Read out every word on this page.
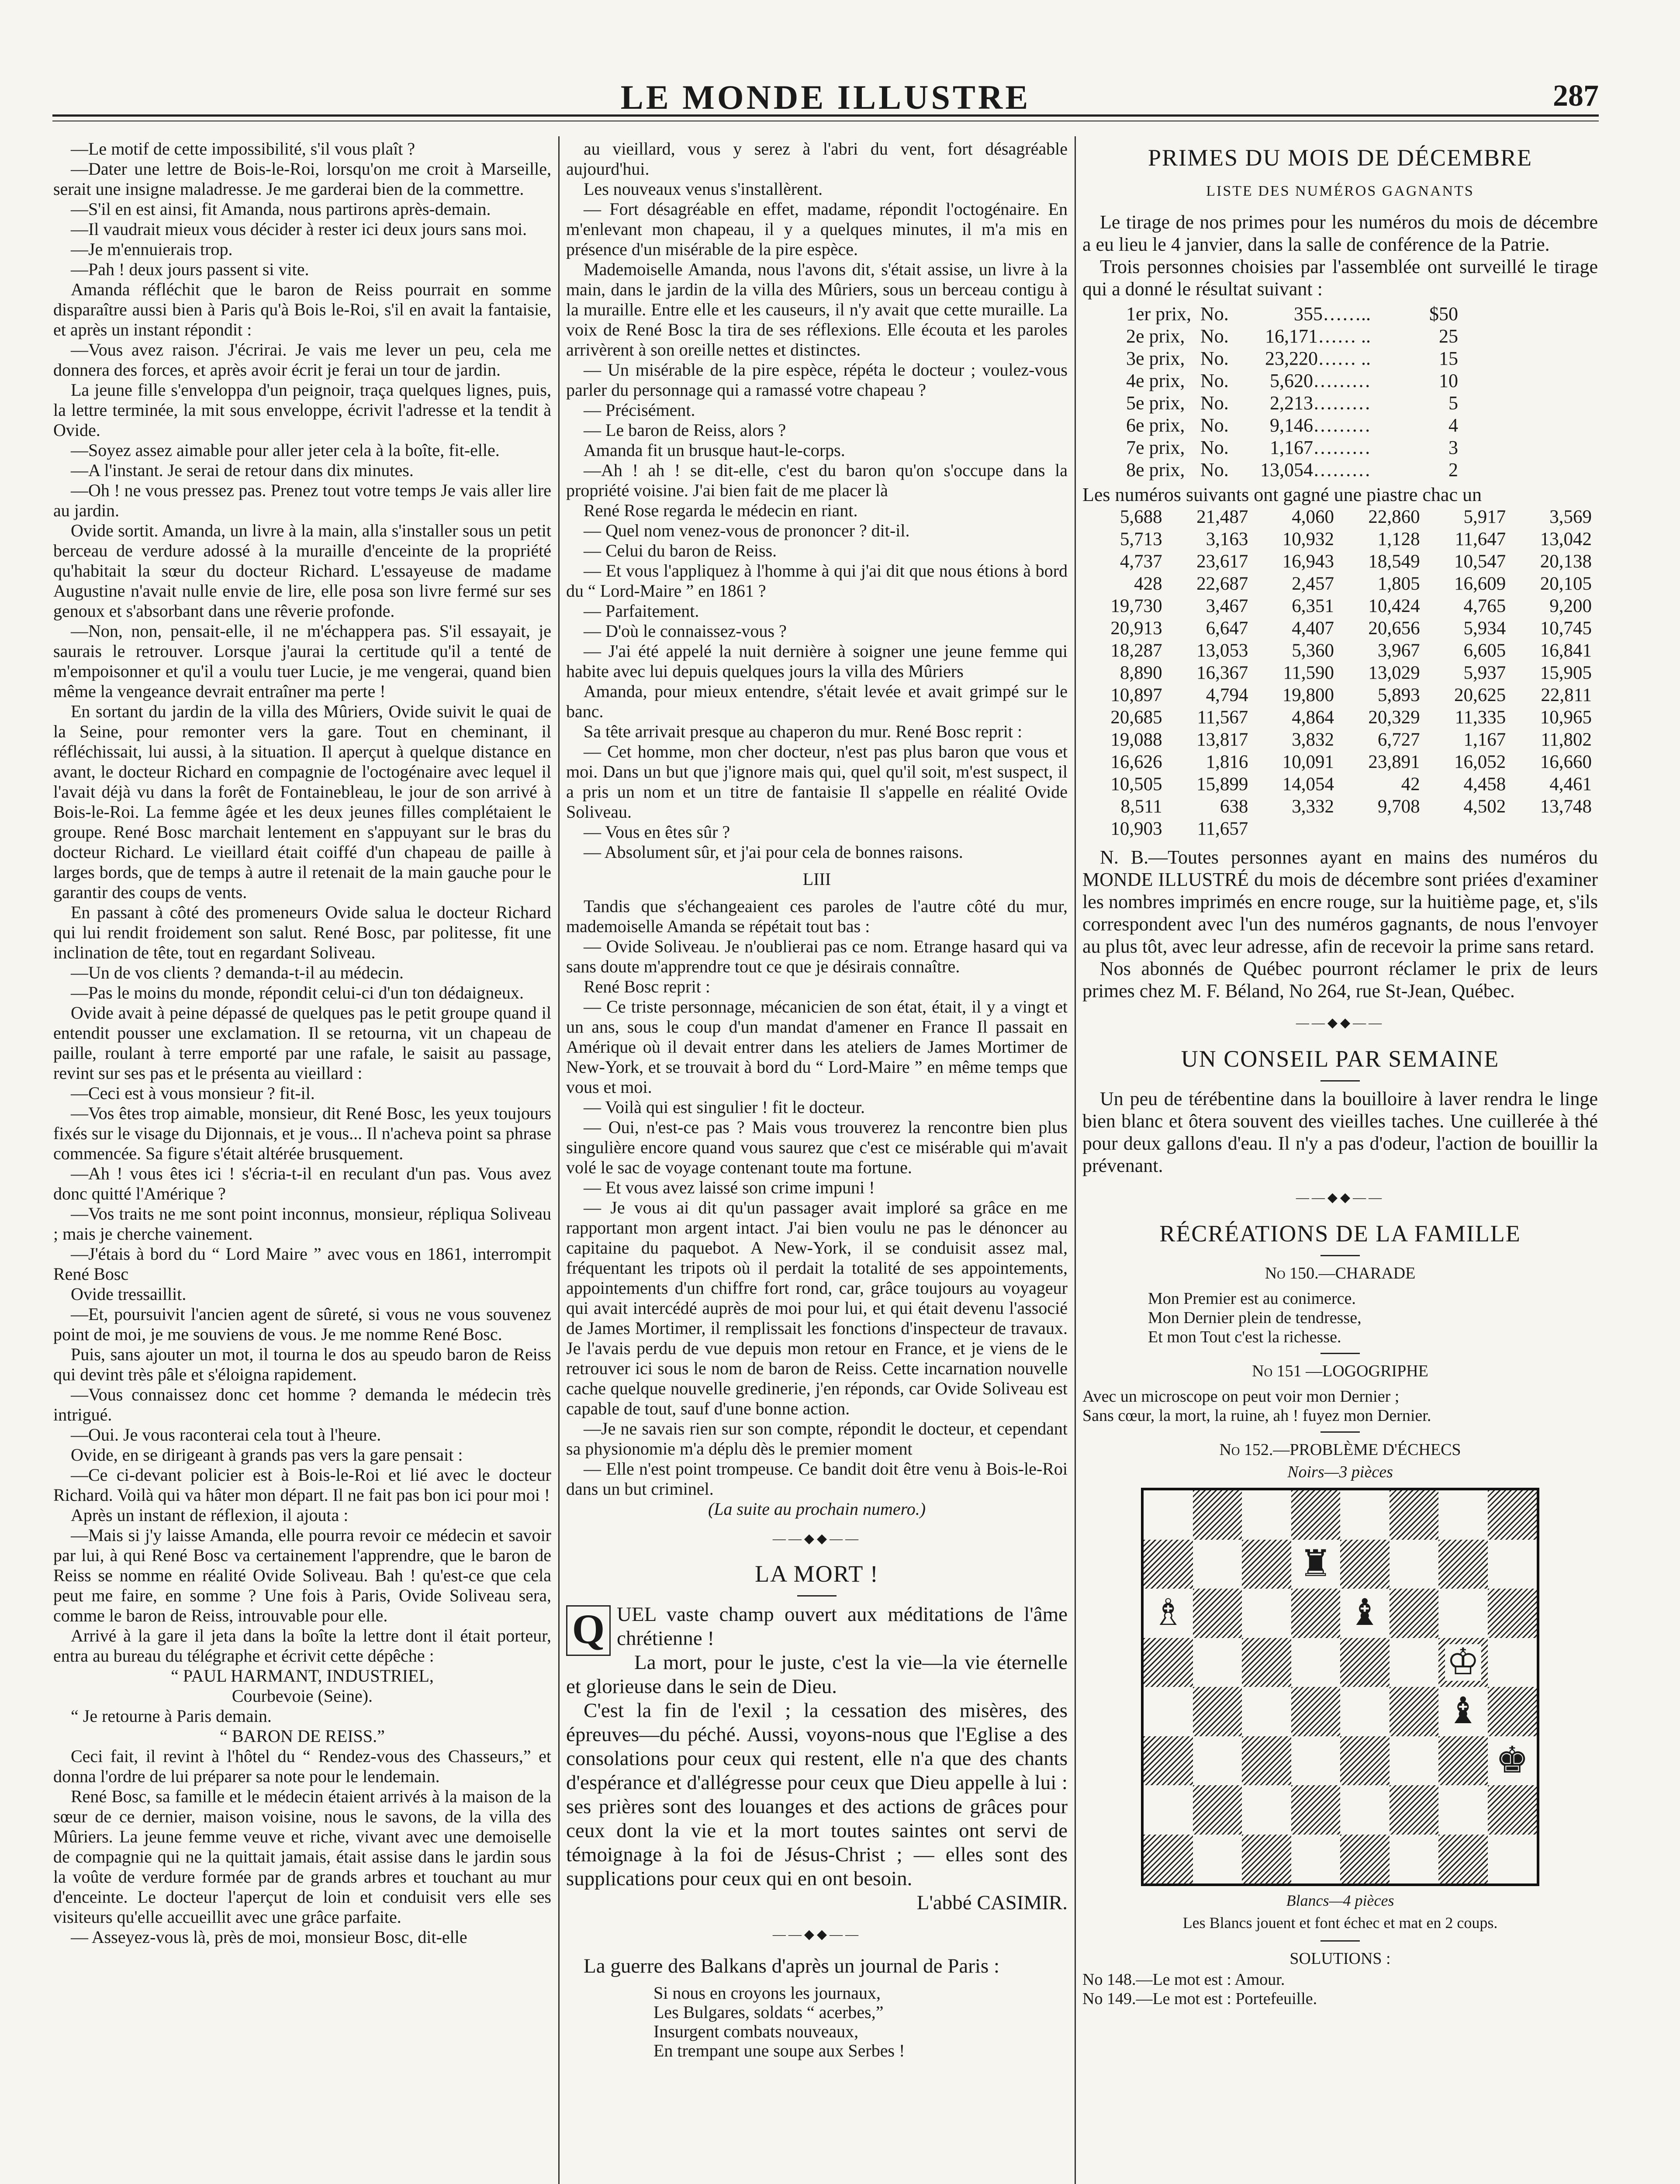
LE MONDE ILLUSTRE	287

—Le motif de cette impossibilité, s'il vous plaît ?

—Dater une lettre de Bois-le-Roi, lorsqu'on me croit à Marseille, serait une insigne maladresse. Je me garderai bien de la commettre.

—S'il en est ainsi, fit Amanda, nous partirons après-demain.

—Il vaudrait mieux vous décider à rester ici deux jours sans moi.

—Je m'ennuierais trop.

—Pah ! deux jours passent si vite.

Amanda réfléchit que le baron de Reiss pourrait en somme disparaître aussi bien à Paris qu'à Bois le-Roi, s'il en avait la fantaisie, et après un instant répondit :

—Vous avez raison. J'écrirai. Je vais me lever un peu, cela me donnera des forces, et après avoir écrit je ferai un tour de jardin.

La jeune fille s'enveloppa d'un peignoir, traça quelques lignes, puis, la lettre terminée, la mit sous enveloppe, écrivit l'adresse et la tendit à Ovide.

—Soyez assez aimable pour aller jeter cela à la boîte, fit-elle.

—A l'instant. Je serai de retour dans dix minutes.

—Oh ! ne vous pressez pas. Prenez tout votre temps Je vais aller lire au jardin.

Ovide sortit. Amanda, un livre à la main, alla s'installer sous un petit berceau de verdure adossé à la muraille d'enceinte de la propriété qu'habitait la sœur du docteur Richard. L'essayeuse de madame Augustine n'avait nulle envie de lire, elle posa son livre fermé sur ses genoux et s'absorbant dans une rêverie profonde.

—Non, non, pensait-elle, il ne m'échappera pas. S'il essayait, je saurais le retrouver. Lorsque j'aurai la certitude qu'il a tenté de m'empoisonner et qu'il a voulu tuer Lucie, je me vengerai, quand bien même la vengeance devrait entraîner ma perte !

En sortant du jardin de la villa des Mûriers, Ovide suivit le quai de la Seine, pour remonter vers la gare. Tout en cheminant, il réfléchissait, lui aussi, à la situation. Il aperçut à quelque distance en avant, le docteur Richard en compagnie de l'octogénaire avec lequel il l'avait déjà vu dans la forêt de Fontainebleau, le jour de son arrivé à Bois-le-Roi. La femme âgée et les deux jeunes filles complétaient le groupe. René Bosc marchait lentement en s'appuyant sur le bras du docteur Richard. Le vieillard était coiffé d'un chapeau de paille à larges bords, que de temps à autre il retenait de la main gauche pour le garantir des coups de vents.

En passant à côté des promeneurs Ovide salua le docteur Richard qui lui rendit froidement son salut. René Bosc, par politesse, fit une inclination de tête, tout en regardant Soliveau.

—Un de vos clients ? demanda-t-il au médecin.

—Pas le moins du monde, répondit celui-ci d'un ton dédaigneux.

Ovide avait à peine dépassé de quelques pas le petit groupe quand il entendit pousser une exclamation. Il se retourna, vit un chapeau de paille, roulant à terre emporté par une rafale, le saisit au passage, revint sur ses pas et le présenta au vieillard :

—Ceci est à vous monsieur ? fit-il.

—Vos êtes trop aimable, monsieur, dit René Bosc, les yeux toujours fixés sur le visage du Dijonnais, et je vous... Il n'acheva point sa phrase commencée. Sa figure s'était altérée brusquement.

—Ah ! vous êtes ici ! s'écria-t-il en reculant d'un pas. Vous avez donc quitté l'Amérique ?

—Vos traits ne me sont point inconnus, monsieur, répliqua Soliveau ; mais je cherche vainement.

—J'étais à bord du “ Lord Maire ” avec vous en 1861, interrompit René Bosc

Ovide tressaillit.

—Et, poursuivit l'ancien agent de sûreté, si vous ne vous souvenez point de moi, je me souviens de vous. Je me nomme René Bosc.

Puis, sans ajouter un mot, il tourna le dos au speudo baron de Reiss qui devint très pâle et s'éloigna rapidement.

—Vous connaissez donc cet homme ? demanda le médecin très intrigué.

—Oui. Je vous raconterai cela tout à l'heure.

Ovide, en se dirigeant à grands pas vers la gare pensait :

—Ce ci-devant policier est à Bois-le-Roi et lié avec le docteur Richard. Voilà qui va hâter mon départ. Il ne fait pas bon ici pour moi !

Après un instant de réflexion, il ajouta :

—Mais si j'y laisse Amanda, elle pourra revoir ce médecin et savoir par lui, à qui René Bosc va certainement l'apprendre, que le baron de Reiss se nomme en réalité Ovide Soliveau. Bah ! qu'est-ce que cela peut me faire, en somme ? Une fois à Paris, Ovide Soliveau sera, comme le baron de Reiss, introuvable pour elle.

Arrivé à la gare il jeta dans la boîte la lettre dont il était porteur, entra au bureau du télégraphe et écrivit cette dépêche :

“ PAUL HARMANT, INDUSTRIEL,

Courbevoie (Seine).

“ Je retourne à Paris demain.

“ BARON DE REISS.”

Ceci fait, il revint à l'hôtel du “ Rendez-vous des Chasseurs,” et donna l'ordre de lui préparer sa note pour le lendemain.

René Bosc, sa famille et le médecin étaient arrivés à la maison de la sœur de ce dernier, maison voisine, nous le savons, de la villa des Mûriers. La jeune femme veuve et riche, vivant avec une demoiselle de compagnie qui ne la quittait jamais, était assise dans le jardin sous la voûte de verdure formée par de grands arbres et touchant au mur d'enceinte. Le docteur l'aperçut de loin et conduisit vers elle ses visiteurs qu'elle accueillit avec une grâce parfaite.

— Asseyez-vous là, près de moi, monsieur Bosc, dit-elle

au vieillard, vous y serez à l'abri du vent, fort désagréable aujourd'hui.

Les nouveaux venus s'installèrent.

— Fort désagréable en effet, madame, répondit l'octogénaire. En m'enlevant mon chapeau, il y a quelques minutes, il m'a mis en présence d'un misérable de la pire espèce.

Mademoiselle Amanda, nous l'avons dit, s'était assise, un livre à la main, dans le jardin de la villa des Mûriers, sous un berceau contigu à la muraille. Entre elle et les causeurs, il n'y avait que cette muraille. La voix de René Bosc la tira de ses réflexions. Elle écouta et les paroles arrivèrent à son oreille nettes et distinctes.

— Un misérable de la pire espèce, répéta le docteur ; voulez-vous parler du personnage qui a ramassé votre chapeau ?

— Précisément.

— Le baron de Reiss, alors ?

Amanda fit un brusque haut-le-corps.

—Ah ! ah ! se dit-elle, c'est du baron qu'on s'occupe dans la propriété voisine. J'ai bien fait de me placer là

René Rose regarda le médecin en riant.

— Quel nom venez-vous de prononcer ? dit-il.

— Celui du baron de Reiss.

— Et vous l'appliquez à l'homme à qui j'ai dit que nous étions à bord du “ Lord-Maire ” en 1861 ?

— Parfaitement.

— D'où le connaissez-vous ?

— J'ai été appelé la nuit dernière à soigner une jeune femme qui habite avec lui depuis quelques jours la villa des Mûriers

Amanda, pour mieux entendre, s'était levée et avait grimpé sur le banc.

Sa tête arrivait presque au chaperon du mur. René Bosc reprit :

— Cet homme, mon cher docteur, n'est pas plus baron que vous et moi. Dans un but que j'ignore mais qui, quel qu'il soit, m'est suspect, il a pris un nom et un titre de fantaisie Il s'appelle en réalité Ovide Soliveau.

— Vous en êtes sûr ?

— Absolument sûr, et j'ai pour cela de bonnes raisons.

LIII

Tandis que s'échangeaient ces paroles de l'autre côté du mur, mademoiselle Amanda se répétait tout bas :

— Ovide Soliveau. Je n'oublierai pas ce nom. Etrange hasard qui va sans doute m'apprendre tout ce que je désirais connaître.

René Bosc reprit :

— Ce triste personnage, mécanicien de son état, était, il y a vingt et un ans, sous le coup d'un mandat d'amener en France Il passait en Amérique où il devait entrer dans les ateliers de James Mortimer de New-York, et se trouvait à bord du “ Lord-Maire ” en même temps que vous et moi.

— Voilà qui est singulier ! fit le docteur.

— Oui, n'est-ce pas ? Mais vous trouverez la rencontre bien plus singulière encore quand vous saurez que c'est ce misérable qui m'avait volé le sac de voyage contenant toute ma fortune.

— Et vous avez laissé son crime impuni !

— Je vous ai dit qu'un passager avait imploré sa grâce en me rapportant mon argent intact. J'ai bien voulu ne pas le dénoncer au capitaine du paquebot. A New-York, il se conduisit assez mal, fréquentant les tripots où il perdait la totalité de ses appointements, appointements d'un chiffre fort rond, car, grâce toujours au voyageur qui avait intercédé auprès de moi pour lui, et qui était devenu l'associé de James Mortimer, il remplissait les fonctions d'inspecteur de travaux. Je l'avais perdu de vue depuis mon retour en France, et je viens de le retrouver ici sous le nom de baron de Reiss. Cette incarnation nouvelle cache quelque nouvelle gredinerie, j'en réponds, car Ovide Soliveau est capable de tout, sauf d'une bonne action.

—Je ne savais rien sur son compte, répondit le docteur, et cependant sa physionomie m'a déplu dès le premier moment

— Elle n'est point trompeuse. Ce bandit doit être venu à Bois-le-Roi dans un but criminel.

(La suite au prochain numero.)

——◆◆——
LA MORT !

Q UEL vaste champ ouvert aux méditations de l'âme chrétienne !

La mort, pour le juste, c'est la vie—la vie éternelle et glorieuse dans le sein de Dieu.

C'est la fin de l'exil ; la cessation des misères, des épreuves—du péché. Aussi, voyons-nous que l'Eglise a des consolations pour ceux qui restent, elle n'a que des chants d'espérance et d'allégresse pour ceux que Dieu appelle à lui : ses prières sont des louanges et des actions de grâces pour ceux dont la vie et la mort toutes saintes ont servi de témoignage à la foi de Jésus-Christ ; — elles sont des supplications pour ceux qui en ont besoin.

L'abbé CASIMIR.

——◆◆——

La guerre des Balkans d'après un journal de Paris :

Si nous en croyons les journaux,
Les Bulgares, soldats “ acerbes,”
Insurgent combats nouveaux,
En trempant une soupe aux Serbes !
PRIMES DU MOIS DE DÉCEMBRE
LISTE DES NUMÉROS GAGNANTS

Le tirage de nos primes pour les numéros du mois de décembre a eu lieu le 4 janvier, dans la salle de conférence de la Patrie.

Trois personnes choisies par l'assemblée ont surveillé le tirage qui a donné le résultat suivant :

1er prix, No.	355……..	$50
2e prix, No.	16,171…… ..	25
3e prix, No.	23,220…… ..	15
4e prix, No.	5,620………	10
5e prix, No.	2,213………	5
6e prix, No.	9,146………	4
7e prix, No.	1,167………	3
8e prix, No.	13,054………	2

Les numéros suivants ont gagné une piastre chac un

5,688	21,487	4,060	22,860	5,917	3,569
5,713	3,163	10,932	1,128	11,647	13,042
4,737	23,617	16,943	18,549	10,547	20,138
428	22,687	2,457	1,805	16,609	20,105
19,730	3,467	6,351	10,424	4,765	9,200
20,913	6,647	4,407	20,656	5,934	10,745
18,287	13,053	5,360	3,967	6,605	16,841
8,890	16,367	11,590	13,029	5,937	15,905
10,897	4,794	19,800	5,893	20,625	22,811
20,685	11,567	4,864	20,329	11,335	10,965
19,088	13,817	3,832	6,727	1,167	11,802
16,626	1,816	10,091	23,891	16,052	16,660
10,505	15,899	14,054	42	4,458	4,461
8,511	638	3,332	9,708	4,502	13,748
10,903	11,657				

N. B.—Toutes personnes ayant en mains des numéros du MONDE ILLUSTRÉ du mois de décembre sont priées d'examiner les nombres imprimés en encre rouge, sur la huitième page, et, s'ils correspondent avec l'un des numéros gagnants, de nous l'envoyer au plus tôt, avec leur adresse, afin de recevoir la prime sans retard.

Nos abonnés de Québec pourront réclamer le prix de leurs primes chez M. F. Béland, No 264, rue St-Jean, Québec.

——◆◆——
UN CONSEIL PAR SEMAINE

Un peu de térébentine dans la bouilloire à laver rendra le linge bien blanc et ôtera souvent des vieilles taches. Une cuillerée à thé pour deux gallons d'eau. Il n'y a pas d'odeur, l'action de bouillir la prévenant.

——◆◆——
RÉCRÉATIONS DE LA FAMILLE

No 150.—CHARADE

Mon Premier est au conimerce.
Mon Dernier plein de tendresse,
Et mon Tout c'est la richesse.

No 151 —LOGOGRIPHE

Avec un microscope on peut voir mon Dernier ;
Sans cœur, la mort, la ruine, ah ! fuyez mon Dernier.

No 152.—PROBLÈME D'ÉCHECS

Noirs—3 pièces

♜
♗	♝
♔
♝
♚

Blancs—4 pièces

Les Blancs jouent et font échec et mat en 2 coups.

SOLUTIONS :

No 148.—Le mot est : Amour.
No 149.—Le mot est : Portefeuille.
